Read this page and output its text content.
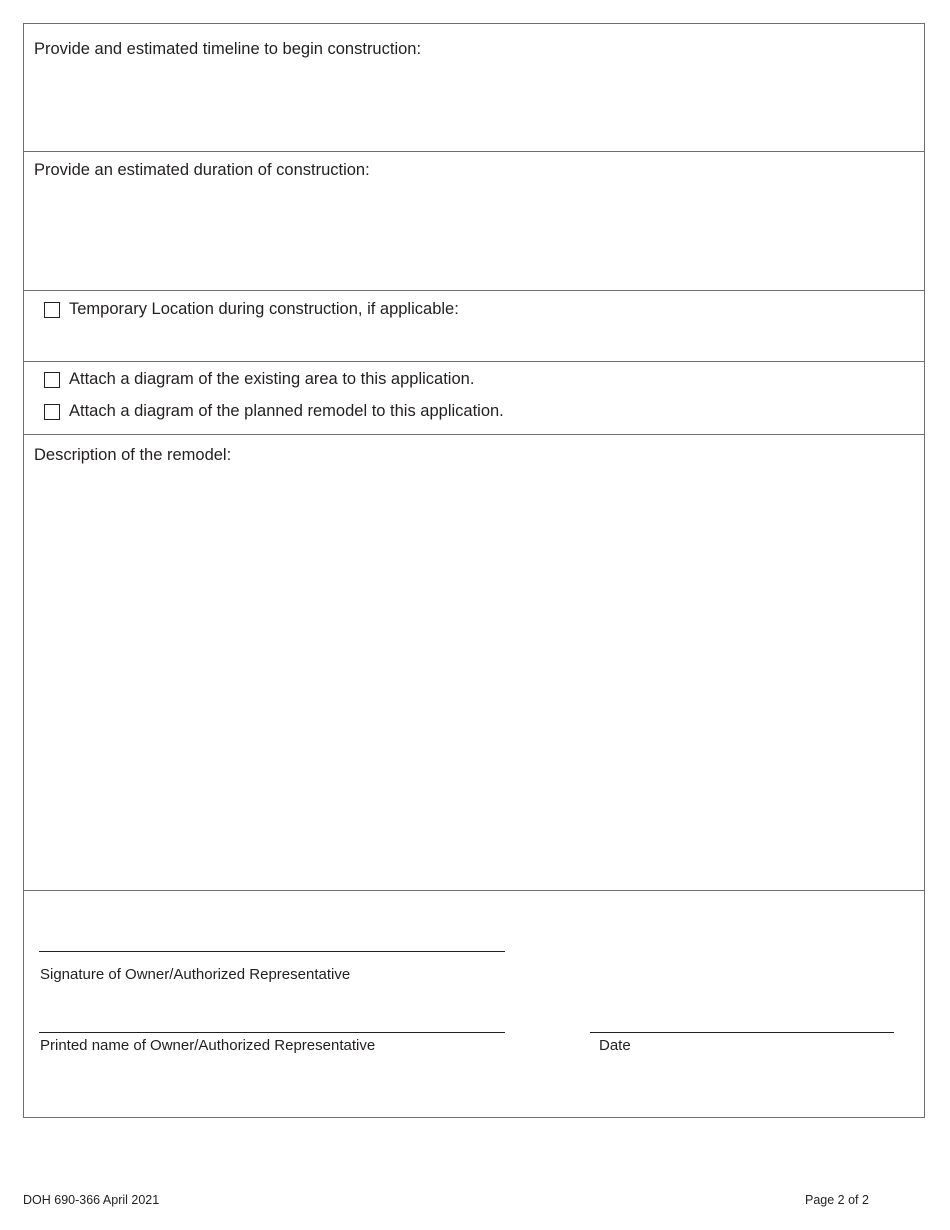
Provide and estimated timeline to begin construction:
Provide an estimated duration of construction:
Temporary Location during construction, if applicable:
Attach a diagram of the existing area to this application.
Attach a diagram of the planned remodel to this application.
Description of the remodel:
Signature of Owner/Authorized Representative
Printed name of Owner/Authorized Representative	Date
DOH 690-366 April 2021	Page 2 of 2
